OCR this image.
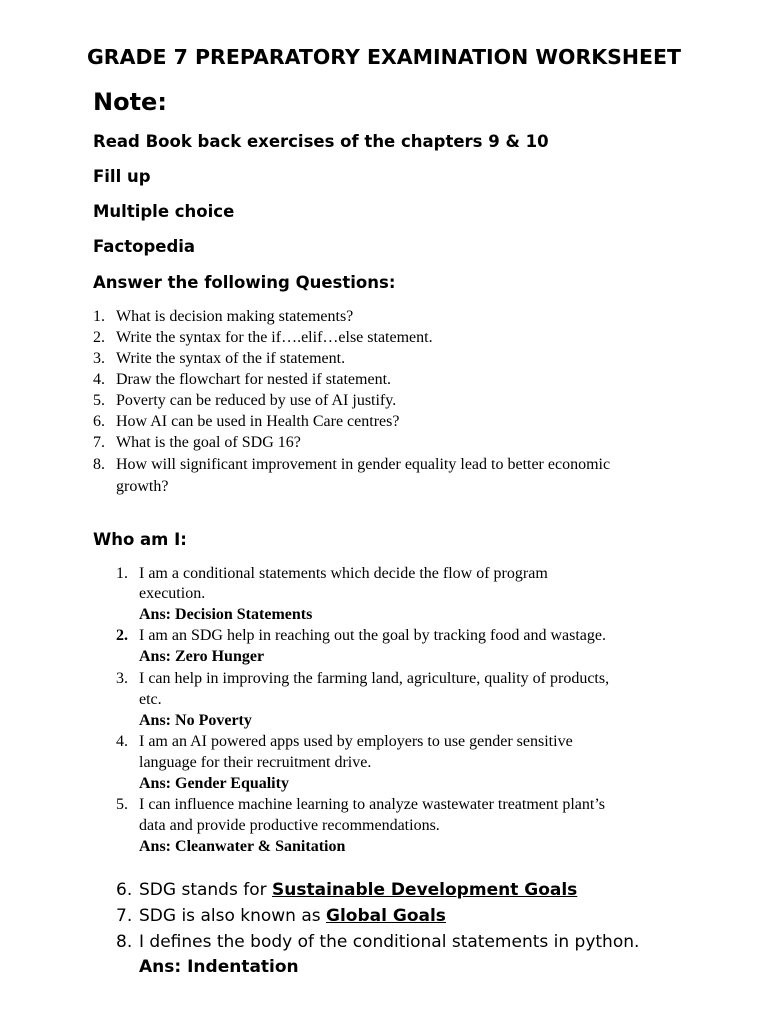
GRADE 7 PREPARATORY EXAMINATION WORKSHEET
Note:
Read Book back exercises of the chapters 9 & 10
Fill up
Multiple choice
Factopedia
Answer the following Questions:
1. What is decision making statements?
2. Write the syntax for the if….elif…else statement.
3. Write the syntax of the if statement.
4. Draw the flowchart for nested if statement.
5. Poverty can be reduced by use of AI justify.
6. How AI can be used in Health Care centres?
7. What is the goal of SDG 16?
8. How will significant improvement in gender equality lead to better economic
growth?
Who am I:
1. I am a conditional statements which decide the flow of program
execution.
Ans: Decision Statements
2. I am an SDG help in reaching out the goal by tracking food and wastage.
Ans: Zero Hunger
3. I can help in improving the farming land, agriculture, quality of products,
etc.
Ans: No Poverty
4. I am an AI powered apps used by employers to use gender sensitive
language for their recruitment drive.
Ans: Gender Equality
5. I can influence machine learning to analyze wastewater treatment plant’s
data and provide productive recommendations.
Ans: Cleanwater & Sanitation
6. SDG stands for Sustainable Development Goals
7. SDG is also known as Global Goals
8. I defines the body of the conditional statements in python.
Ans: Indentation
